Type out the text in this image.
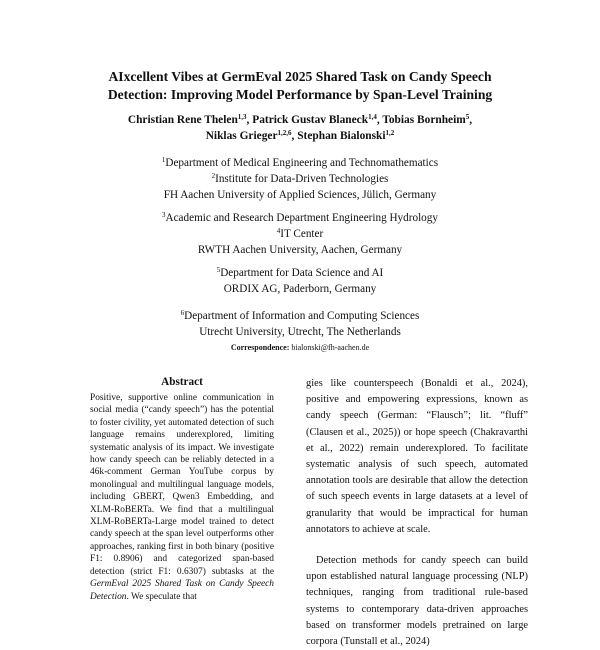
AIxcellent Vibes at GermEval 2025 Shared Task on Candy Speech
Detection: Improving Model Performance by Span-Level Training
Christian Rene Thelen$^{1,3}$, Patrick Gustav Blaneck$^{1,4}$, Tobias Bornheim$^5$,
Niklas Grieger$^{1,2,6}$, Stephan Bialonski$^{1,2}$
$^1$Department of Medical Engineering and Technomathematics
$^2$Institute for Data-Driven Technologies
FH Aachen University of Applied Sciences, Jülich, Germany
$^3$Academic and Research Department Engineering Hydrology
$^4$IT Center
RWTH Aachen University, Aachen, Germany
$^5$Department for Data Science and AI
ORDIX AG, Paderborn, Germany
$^6$Department of Information and Computing Sciences
Utrecht University, Utrecht, The Netherlands
Correspondence: bialonski@fh-aachen.de
Abstract
Positive, supportive online communication in social media (“candy speech”) has the potential to foster civility, yet automated detection of such language remains underexplored, limiting systematic analysis of its impact. We investigate how candy speech can be reliably detected in a 46k-comment German YouTube corpus by monolingual and multilingual language models, including GBERT, Qwen3 Embedding, and XLM-RoBERTa. We find that a multilingual XLM-RoBERTa-Large model trained to detect candy speech at the span level outperforms other approaches, ranking first in both binary (positive F1: 0.8906) and categorized span-based detection (strict F1: 0.6307) subtasks at the GermEval 2025 Shared Task on Candy Speech Detection. We speculate that

gies like counterspeech (Bonaldi et al., 2024), positive and empowering expressions, known as candy speech (German: “Flausch”; lit. “fluff” (Clausen et al., 2025)) or hope speech (Chakravarthi et al., 2022) remain underexplored. To facilitate systematic analysis of such speech, automated annotation tools are desirable that allow the detection of such speech events in large datasets at a level of granularity that would be impractical for human annotators to achieve at scale.

Detection methods for candy speech can build upon established natural language processing (NLP) techniques, ranging from traditional rule-based systems to contemporary data-driven approaches based on transformer models pretrained on large corpora (Tunstall et al., 2024)
